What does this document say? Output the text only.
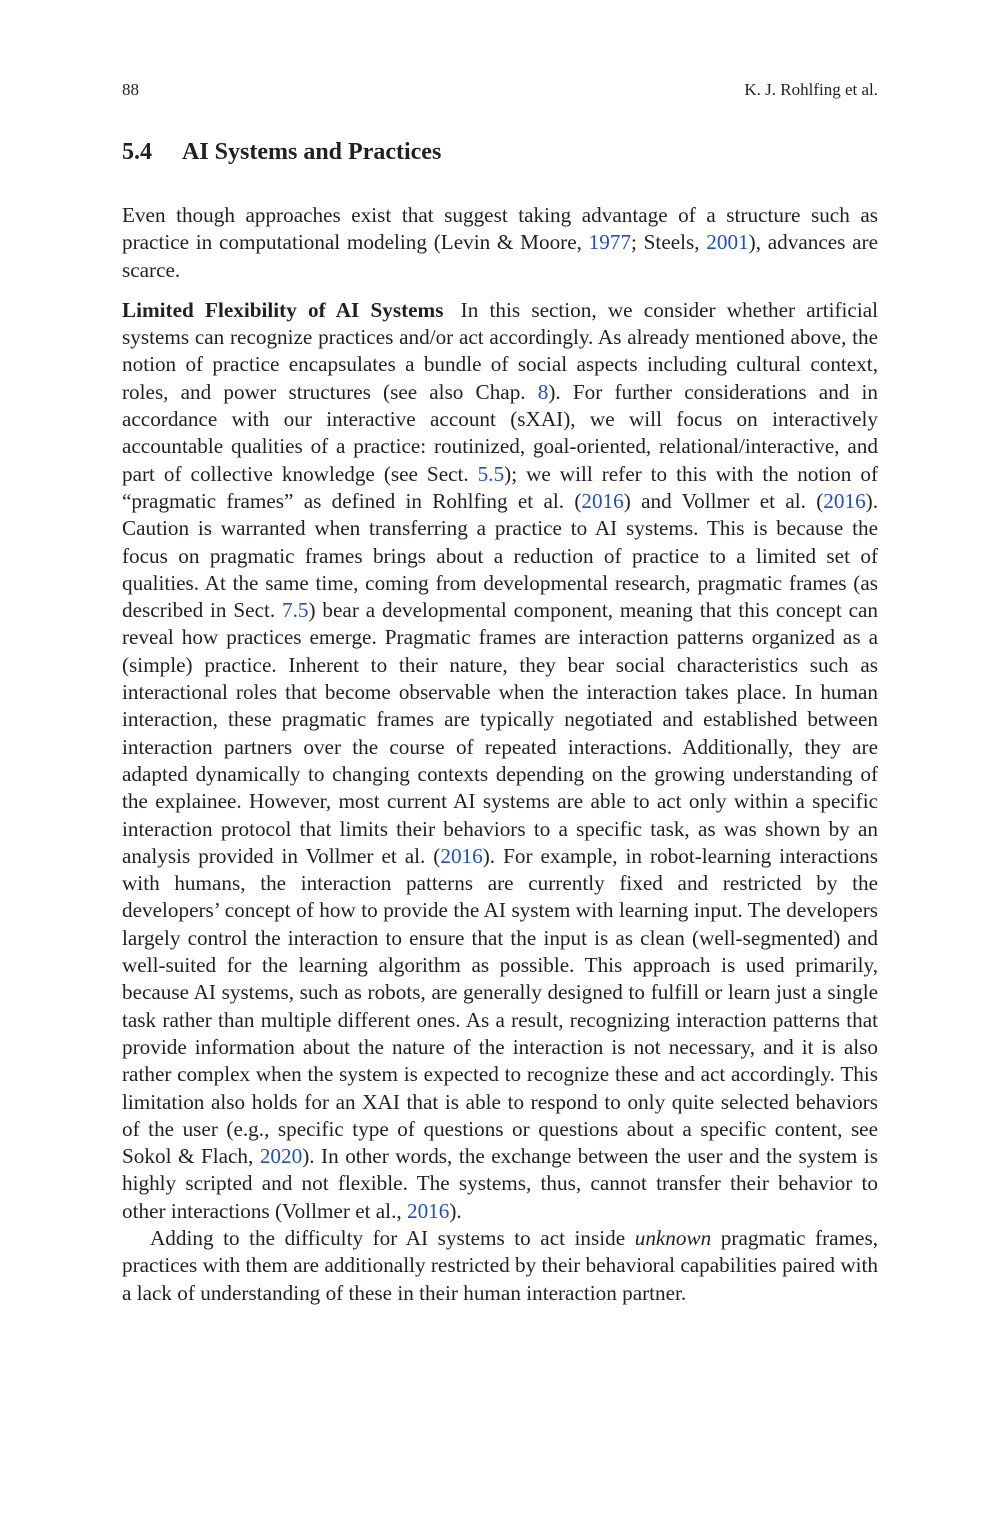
88	K. J. Rohlfing et al.
5.4 AI Systems and Practices

Even though approaches exist that suggest taking advantage of a structure such as practice in computational modeling (Levin & Moore, 1977; Steels, 2001), advances are scarce.

Limited Flexibility of AI Systems In this section, we consider whether artificial systems can recognize practices and/or act accordingly. As already mentioned above, the notion of practice encapsulates a bundle of social aspects including cultural context, roles, and power structures (see also Chap. 8). For further considerations and in accordance with our interactive account (sXAI), we will focus on interactively accountable qualities of a practice: routinized, goal-oriented, relational/interactive, and part of collective knowledge (see Sect. 5.5); we will refer to this with the notion of “pragmatic frames” as defined in Rohlfing et al. (2016) and Vollmer et al. (2016). Caution is warranted when transferring a practice to AI systems. This is because the focus on pragmatic frames brings about a reduction of practice to a limited set of qualities. At the same time, coming from developmental research, pragmatic frames (as described in Sect. 7.5) bear a developmental component, meaning that this concept can reveal how practices emerge. Pragmatic frames are interaction patterns organized as a (simple) practice. Inherent to their nature, they bear social characteristics such as interactional roles that become observable when the interaction takes place. In human interaction, these pragmatic frames are typically negotiated and established between interaction partners over the course of repeated interactions. Additionally, they are adapted dynamically to changing contexts depending on the growing understanding of the explainee. However, most current AI systems are able to act only within a specific interaction protocol that limits their behaviors to a specific task, as was shown by an analysis provided in Vollmer et al. (2016). For example, in robot-learning interactions with humans, the interaction patterns are currently fixed and restricted by the developers’ concept of how to provide the AI system with learning input. The developers largely control the interaction to ensure that the input is as clean (well-segmented) and well-suited for the learning algorithm as possible. This approach is used primarily, because AI systems, such as robots, are generally designed to fulfill or learn just a single task rather than multiple different ones. As a result, recognizing interaction patterns that provide information about the nature of the interaction is not necessary, and it is also rather complex when the system is expected to recognize these and act accordingly. This limitation also holds for an XAI that is able to respond to only quite selected behaviors of the user (e.g., specific type of questions or questions about a specific content, see Sokol & Flach, 2020). In other words, the exchange between the user and the system is highly scripted and not flexible. The systems, thus, cannot transfer their behavior to other interactions (Vollmer et al., 2016).

Adding to the difficulty for AI systems to act inside unknown pragmatic frames, practices with them are additionally restricted by their behavioral capabilities paired with a lack of understanding of these in their human interaction partner.
